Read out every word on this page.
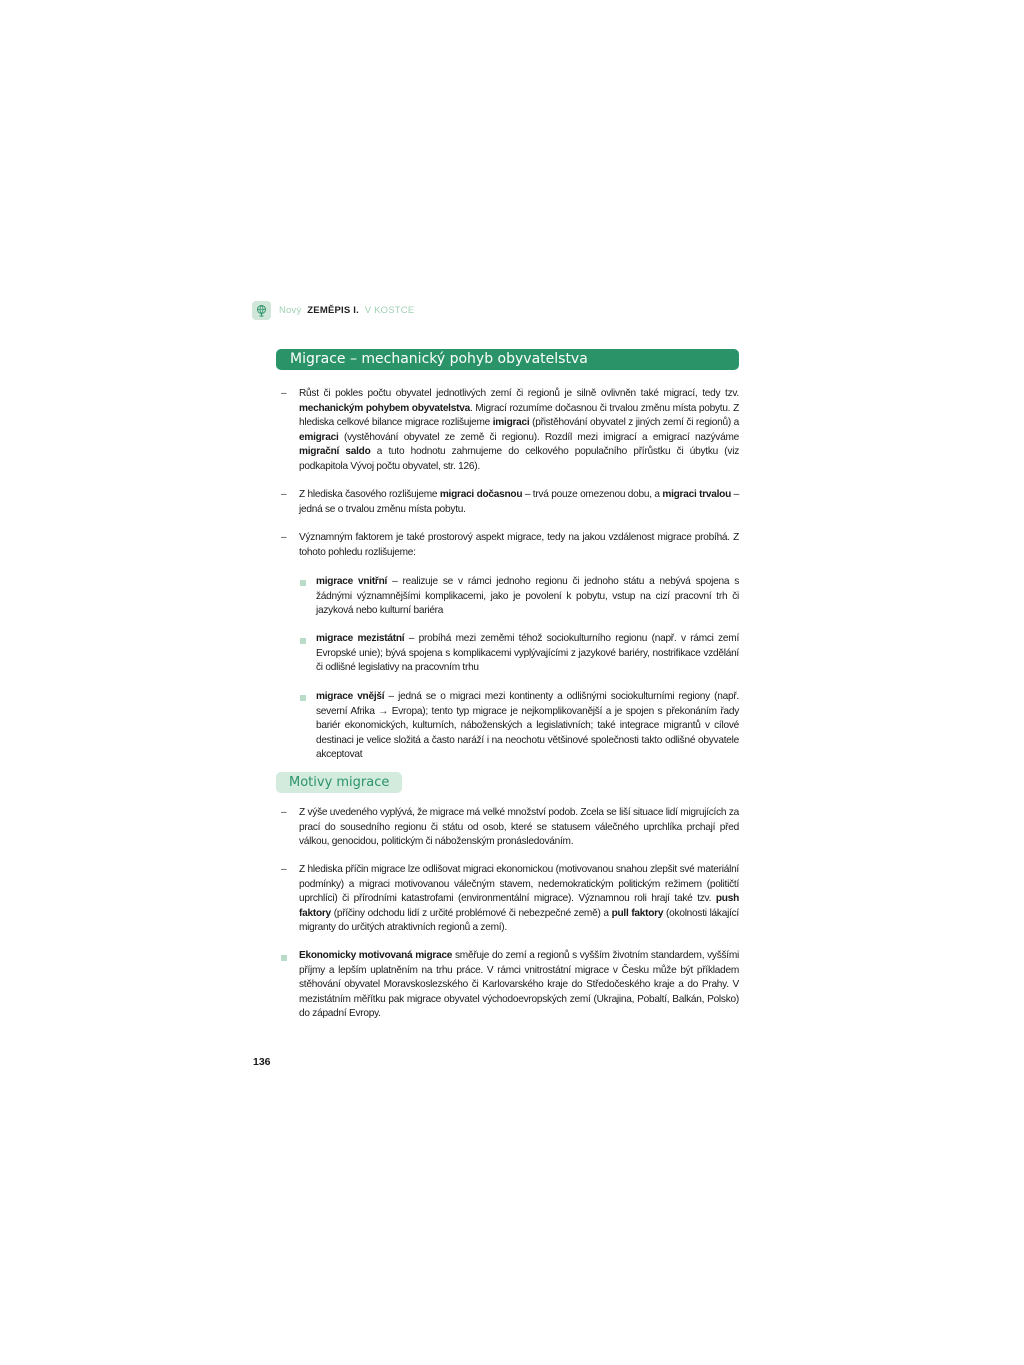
Nový ZEMĚPIS I. V KOSTCE
Migrace – mechanický pohyb obyvatelstva
– Růst či pokles počtu obyvatel jednotlivých zemí či regionů je silně ovlivněn také migrací, tedy tzv. mechanickým pohybem obyvatelstva. Migrací rozumíme dočasnou či trvalou změnu místa pobytu. Z hlediska celkové bilance migrace rozlišujeme imigraci (přistěhování obyvatel z jiných zemí či regionů) a emigraci (vystěhování obyvatel ze země či regionu). Rozdíl mezi imigrací a emigrací nazýváme migrační saldo a tuto hodnotu zahrnujeme do celkového populačního přírůstku či úbytku (viz podkapitola Vývoj počtu obyvatel, str. 126).
– Z hlediska časového rozlišujeme migraci dočasnou – trvá pouze omezenou dobu, a migraci trvalou – jedná se o trvalou změnu místa pobytu.
– Významným faktorem je také prostorový aspekt migrace, tedy na jakou vzdálenost migrace probíhá. Z tohoto pohledu rozlišujeme:
migrace vnitřní – realizuje se v rámci jednoho regionu či jednoho státu a nebývá spojena s žádnými významnějšími komplikacemi, jako je povolení k pobytu, vstup na cizí pracovní trh či jazyková nebo kulturní bariéra
migrace mezistátní – probíhá mezi zeměmi téhož sociokulturního regionu (např. v rámci zemí Evropské unie); bývá spojena s komplikacemi vyplývajícími z jazykové bariéry, nostrifikace vzdělání či odlišné legislativy na pracovním trhu
migrace vnější – jedná se o migraci mezi kontinenty a odlišnými sociokulturními regiony (např. severní Afrika → Evropa); tento typ migrace je nejkomplikovanější a je spojen s překonáním řady bariér ekonomických, kulturních, náboženských a legislativních; také integrace migrantů v cílové destinaci je velice složitá a často naráží i na neochotu většinové společnosti takto odlišné obyvatele akceptovat
Motivy migrace
– Z výše uvedeného vyplývá, že migrace má velké množství podob. Zcela se liší situace lidí migrujících za prací do sousedního regionu či státu od osob, které se statusem válečného uprchlíka prchají před válkou, genocidou, politickým či náboženským pronásledováním.
– Z hlediska příčin migrace lze odlišovat migraci ekonomickou (motivovanou snahou zlepšit své materiální podmínky) a migraci motivovanou válečným stavem, nedemokratickým politickým režimem (političtí uprchlíci) či přírodními katastrofami (environmentální migrace). Významnou roli hrají také tzv. push faktory (příčiny odchodu lidí z určité problémové či nebezpečné země) a pull faktory (okolnosti lákající migranty do určitých atraktivních regionů a zemí).
Ekonomicky motivovaná migrace směřuje do zemí a regionů s vyšším životním standardem, vyššími příjmy a lepším uplatněním na trhu práce. V rámci vnitrostátní migrace v Česku může být příkladem stěhování obyvatel Moravskoslezského či Karlovarského kraje do Středočeského kraje a do Prahy. V mezistátním měřítku pak migrace obyvatel východoevropských zemí (Ukrajina, Pobaltí, Balkán, Polsko) do západní Evropy.
136
